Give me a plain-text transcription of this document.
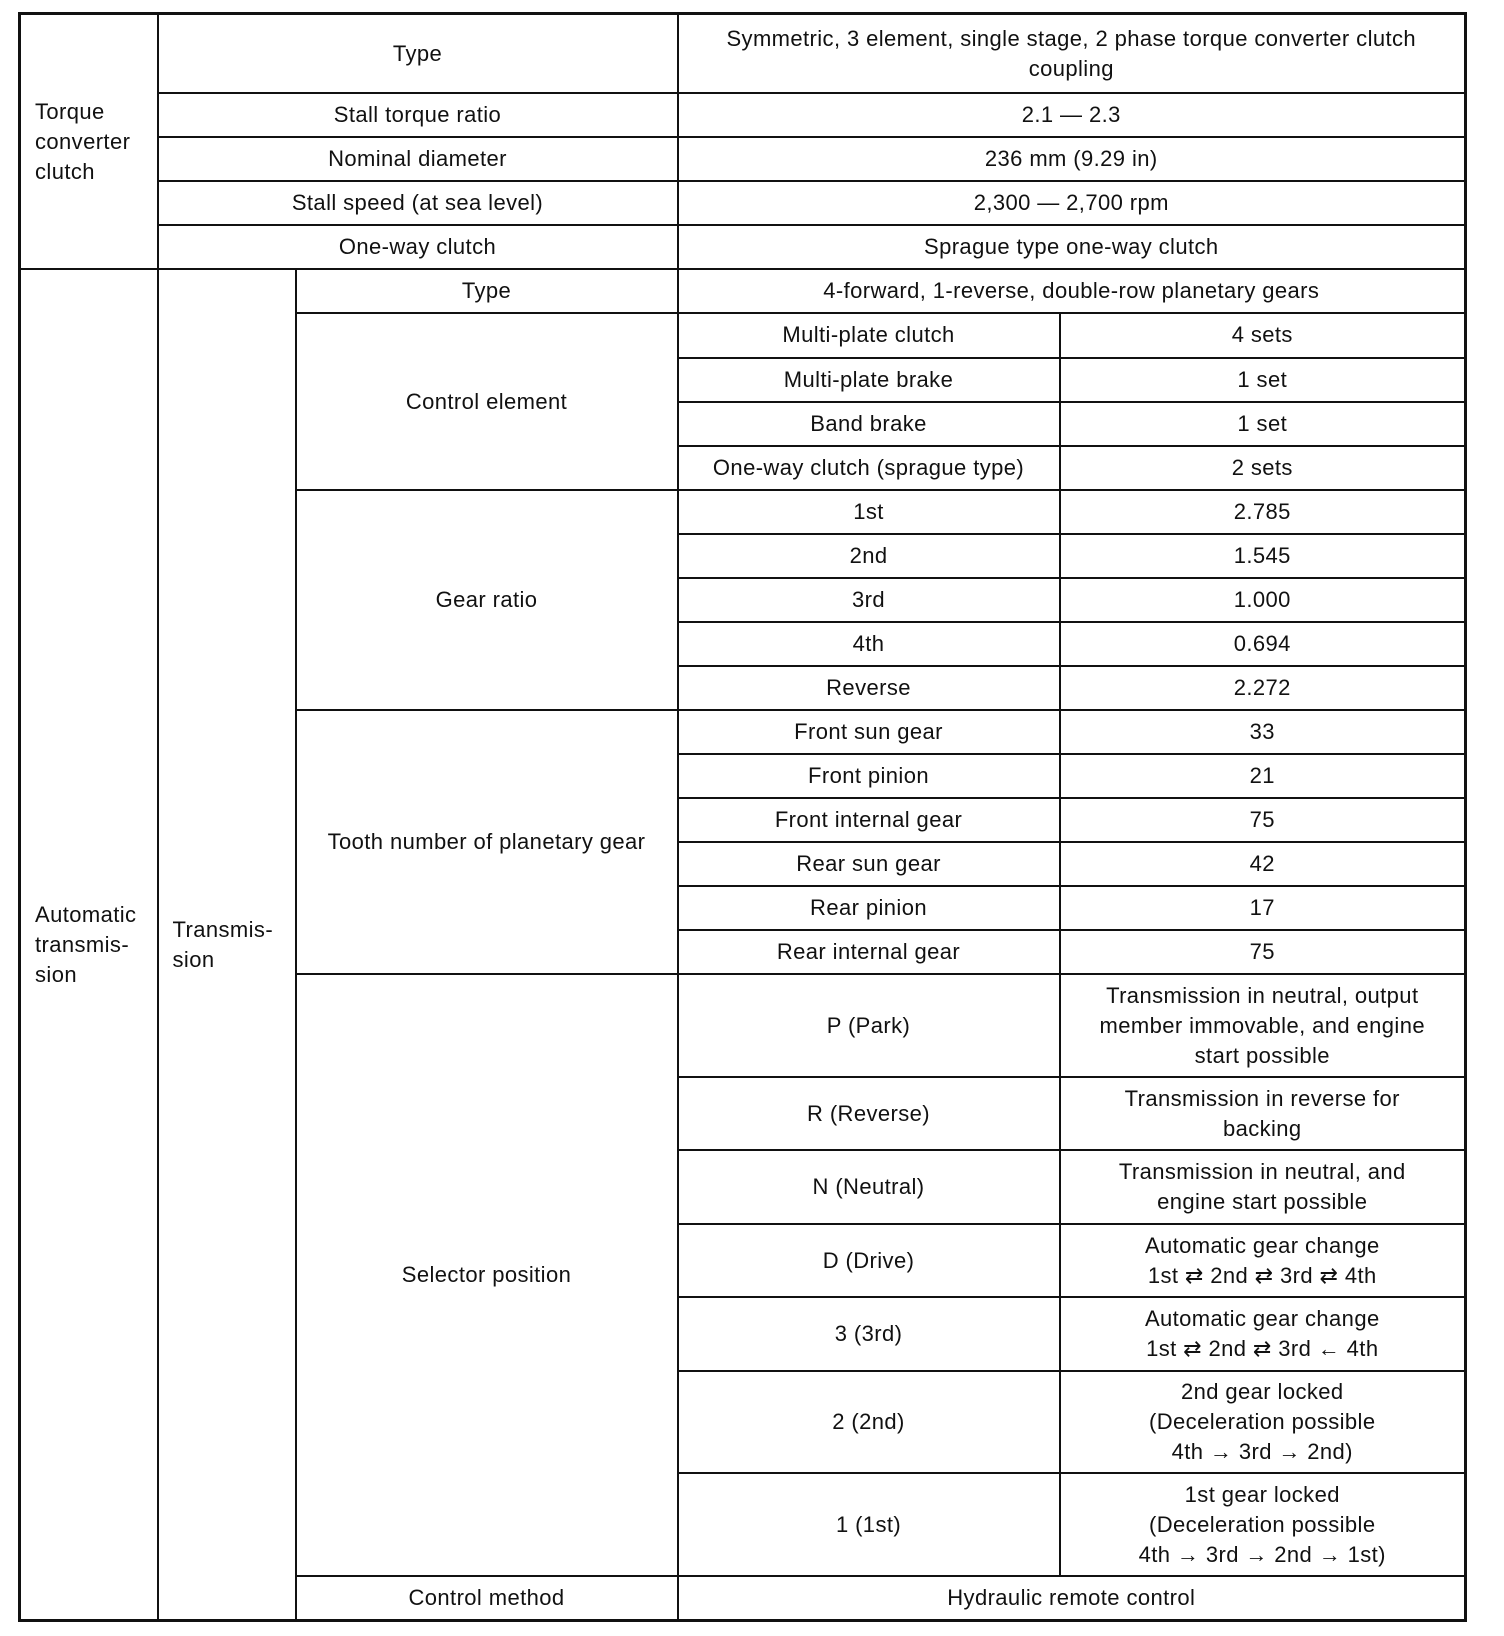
Torque converter clutch	Type		Symmetric, 3 element, single stage, 2 phase torque converter clutch coupling	
	Stall torque ratio		2.1 — 2.3	
	Nominal diameter		236 mm (9.29 in)	
	Stall speed (at sea level)		2,300 — 2,700 rpm	
	One-way clutch		Sprague type one-way clutch	
Automatic transmis- sion	Transmis- sion	Type	4-forward, 1-reverse, double-row planetary gears	
		Control element	Multi-plate clutch	4 sets
			Multi-plate brake	1 set
			Band brake	1 set
			One-way clutch (sprague type)	2 sets
		Gear ratio	1st	2.785
			2nd	1.545
			3rd	1.000
			4th	0.694
			Reverse	2.272
		Tooth number of planetary gear	Front sun gear	33
			Front pinion	21
			Front internal gear	75
			Rear sun gear	42
			Rear pinion	17
			Rear internal gear	75
		Selector position	P (Park)	Transmission in neutral, output
member immovable, and engine
start possible

			R (Reverse)	Transmission in reverse for
backing

			N (Neutral)	Transmission in neutral, and
engine start possible

			D (Drive)	Automatic gear change
1st ⇄ 2nd ⇄ 3rd ⇄ 4th

			3 (3rd)	Automatic gear change
1st ⇄ 2nd ⇄ 3rd ← 4th

			2 (2nd)	2nd gear locked
(Deceleration possible
4th → 3rd → 2nd)

			1 (1st)	1st gear locked
(Deceleration possible
4th → 3rd → 2nd → 1st)

		Control method	Hydraulic remote control	
